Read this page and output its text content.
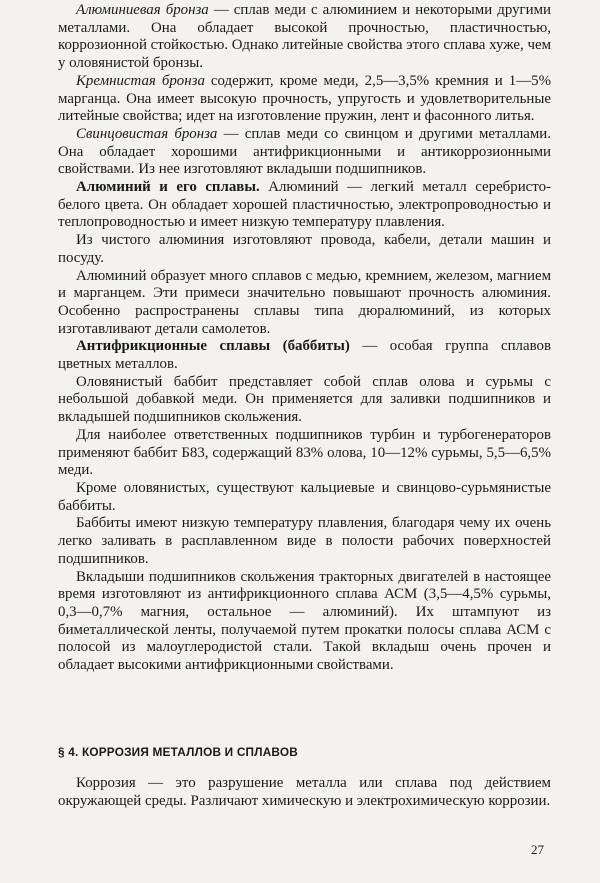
Алюминиевая бронза — сплав меди с алюминием и некоторыми другими металлами. Она обладает высокой прочностью, пластичностью, коррозионной стойкостью. Однако литейные свойства этого сплава хуже, чем у оловянистой бронзы.

Кремнистая бронза содержит, кроме меди, 2,5—3,5% кремния и 1—5% марганца. Она имеет высокую прочность, упругость и удовлетворительные литейные свойства; идет на изготовление пружин, лент и фасонного литья.

Свинцовистая бронза — сплав меди со свинцом и другими металлами. Она обладает хорошими антифрикционными и антикоррозионными свойствами. Из нее изготовляют вкладыши подшипников.

Алюминий и его сплавы. Алюминий — легкий металл серебристо-белого цвета. Он обладает хорошей пластичностью, электропроводностью и теплопроводностью и имеет низкую температуру плавления.

Из чистого алюминия изготовляют провода, кабели, детали машин и посуду.

Алюминий образует много сплавов с медью, кремнием, железом, магнием и марганцем. Эти примеси значительно повышают прочность алюминия. Особенно распространены сплавы типа дюралюминий, из которых изготавливают детали самолетов.

Антифрикционные сплавы (баббиты) — особая группа сплавов цветных металлов.

Оловянистый баббит представляет собой сплав олова и сурьмы с небольшой добавкой меди. Он применяется для заливки подшипников и вкладышей подшипников скольжения.

Для наиболее ответственных подшипников турбин и турбогенераторов применяют баббит Б83, содержащий 83% олова, 10—12% сурьмы, 5,5—6,5% меди.

Кроме оловянистых, существуют кальциевые и свинцово-сурьмянистые баббиты.

Баббиты имеют низкую температуру плавления, благодаря чему их очень легко заливать в расплавленном виде в полости рабочих поверхностей подшипников.

Вкладыши подшипников скольжения тракторных двигателей в настоящее время изготовляют из антифрикционного сплава АСМ (3,5—4,5% сурьмы, 0,3—0,7% магния, остальное — алюминий). Их штампуют из биметаллической ленты, получаемой путем прокатки полосы сплава АСМ с полосой из малоуглеродистой стали. Такой вкладыш очень прочен и обладает высокими антифрикционными свойствами.

§ 4. КОРРОЗИЯ МЕТАЛЛОВ И СПЛАВОВ

Коррозия — это разрушение металла или сплава под действием окружающей среды. Различают химическую и электрохимическую коррозии.

27
